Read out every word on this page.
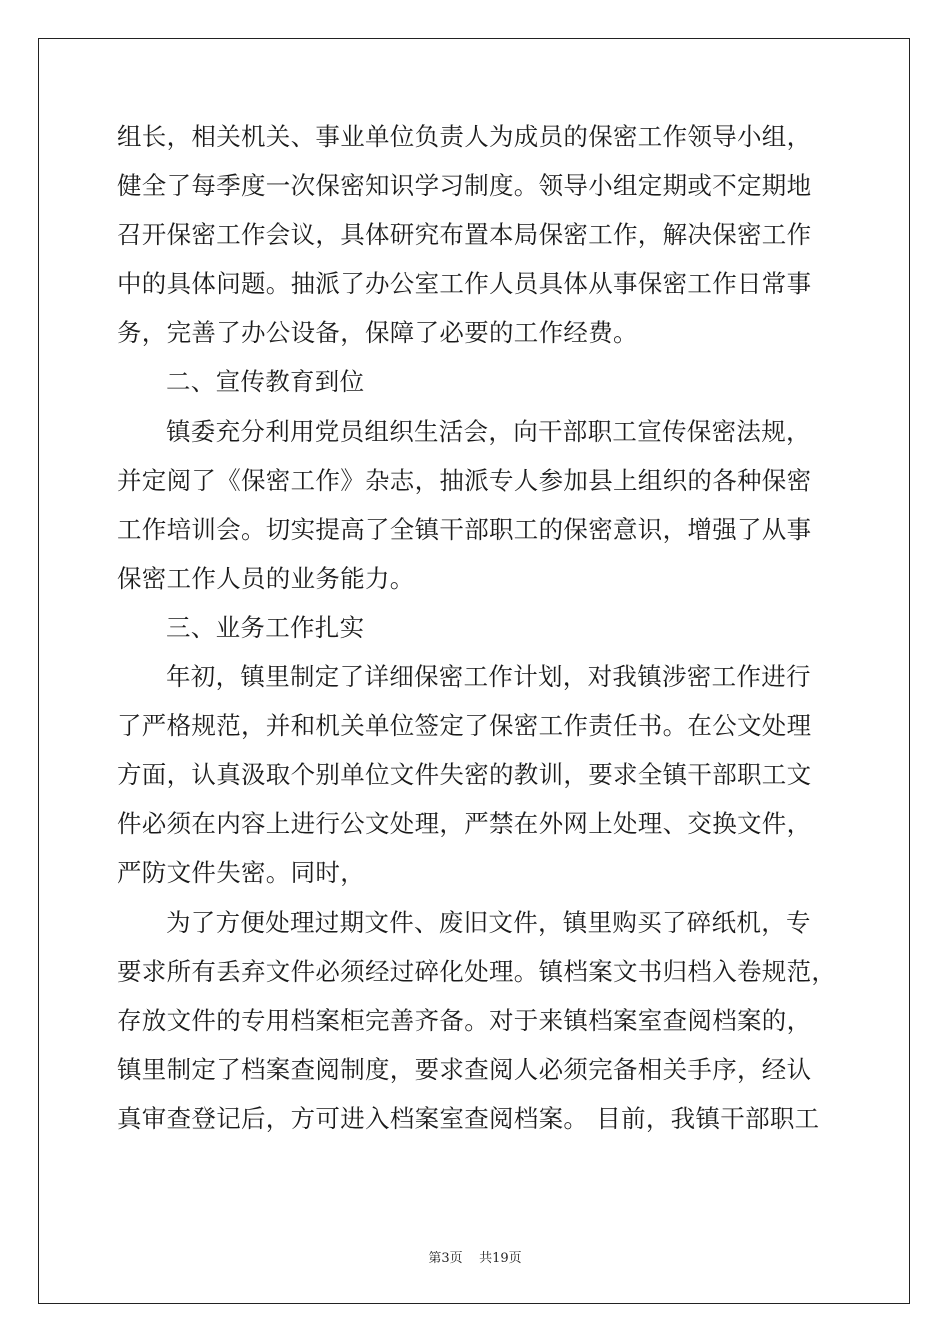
组长，相关机关、事业单位负责人为成员的保密工作领导小组，
健全了每季度一次保密知识学习制度。领导小组定期或不定期地
召开保密工作会议，具体研究布置本局保密工作，解决保密工作
中的具体问题。抽派了办公室工作人员具体从事保密工作日常事
务，完善了办公设备，保障了必要的工作经费。
二、宣传教育到位
镇委充分利用党员组织生活会，向干部职工宣传保密法规，
并定阅了《保密工作》杂志，抽派专人参加县上组织的各种保密
工作培训会。切实提高了全镇干部职工的保密意识，增强了从事
保密工作人员的业务能力。
三、业务工作扎实
年初，镇里制定了详细保密工作计划，对我镇涉密工作进行
了严格规范，并和机关单位签定了保密工作责任书。在公文处理
方面，认真汲取个别单位文件失密的教训，要求全镇干部职工文
件必须在内容上进行公文处理，严禁在外网上处理、交换文件，
严防文件失密。同时，
为了方便处理过期文件、废旧文件，镇里购买了碎纸机，专
要求所有丢弃文件必须经过碎化处理。镇档案文书归档入卷规范，
存放文件的专用档案柜完善齐备。对于来镇档案室查阅档案的，
镇里制定了档案查阅制度，要求查阅人必须完备相关手序，经认
真审查登记后，方可进入档案室查阅档案。 目前，我镇干部职工
第3页    共19页
